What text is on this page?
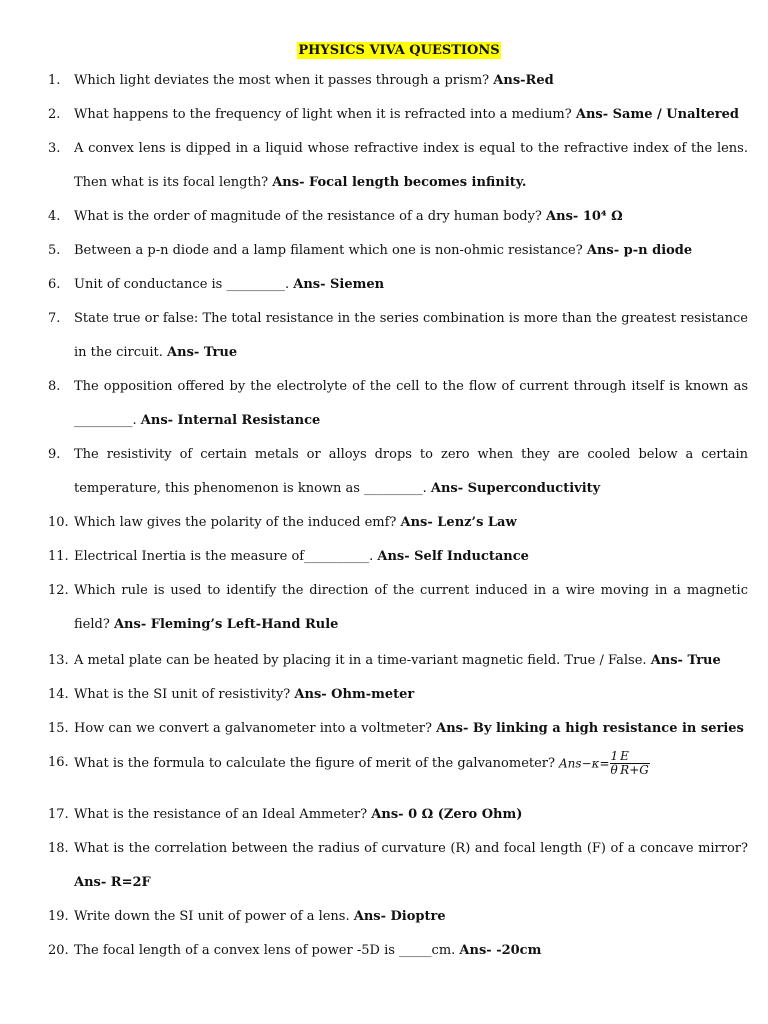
PHYSICS VIVA QUESTIONS
1.	Which light deviates the most when it passes through a prism? Ans-Red
2.	What happens to the frequency of light when it is refracted into a medium? Ans- Same / Unaltered
3.	A convex lens is dipped in a liquid whose refractive index is equal to the refractive index of the lens.
Then what is its focal length? Ans- Focal length becomes infinity.
4.	What is the order of magnitude of the resistance of a dry human body? Ans- 10⁴ Ω
5.	Between a p-n diode and a lamp filament which one is non-ohmic resistance? Ans- p-n diode
6.	Unit of conductance is _________. Ans- Siemen
7.	State true or false: The total resistance in the series combination is more than the greatest resistance
in the circuit. Ans- True
8.	The opposition offered by the electrolyte of the cell to the flow of current through itself is known as
_________. Ans- Internal Resistance
9.	The resistivity of certain metals or alloys drops to zero when they are cooled below a certain
temperature, this phenomenon is known as _________. Ans- Superconductivity
10. Which law gives the polarity of the induced emf? Ans- Lenz’s Law
11. Electrical Inertia is the measure of__________. Ans- Self Inductance
12. Which rule is used to identify the direction of the current induced in a wire moving in a magnetic
field? Ans- Fleming’s Left-Hand Rule
13. A metal plate can be heated by placing it in a time-variant magnetic field. True / False. Ans- True
14. What is the SI unit of resistivity? Ans- Ohm-meter
15. How can we convert a galvanometer into a voltmeter? Ans- By linking a high resistance in series
16. What is the formula to calculate the figure of merit of the galvanometer? $Ans-\kappa= \frac{1}{\theta} \frac{E}{R+G}$
17. What is the resistance of an Ideal Ammeter? Ans- 0 Ω (Zero Ohm)
18. What is the correlation between the radius of curvature (R) and focal length (F) of a concave mirror?
Ans- R=2F
19. Write down the SI unit of power of a lens. Ans- Dioptre
20. The focal length of a convex lens of power -5D is _____cm. Ans- -20cm
